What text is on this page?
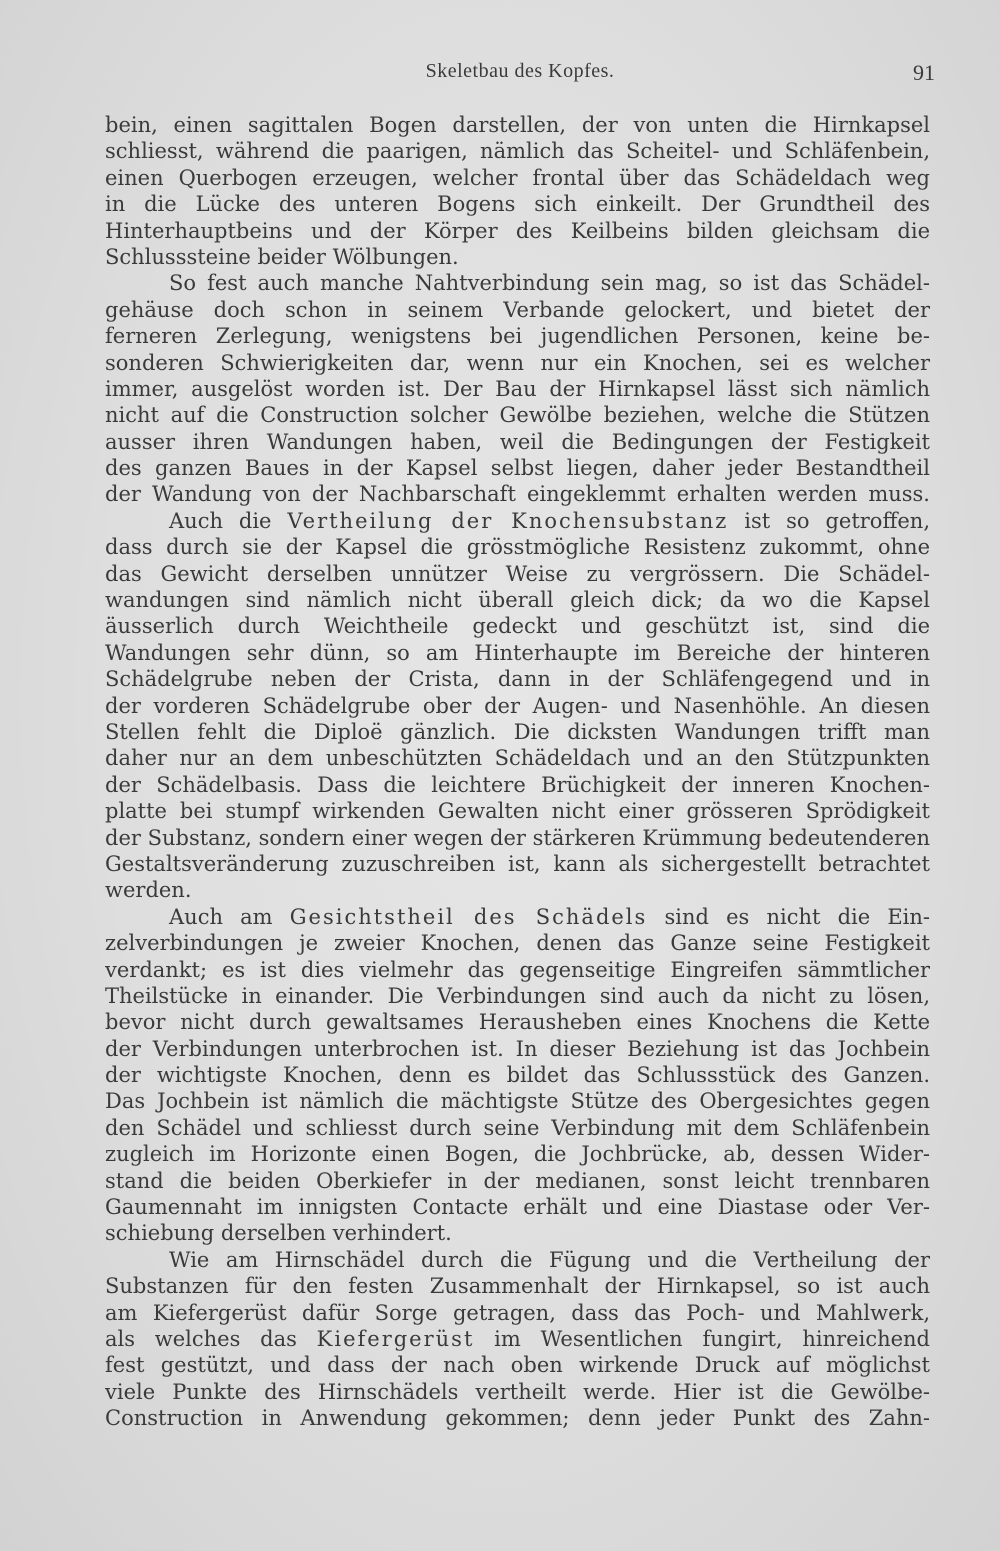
Skeletbau des Kopfes.	91
bein, einen sagittalen Bogen darstellen, der von unten die Hirnkapsel
schliesst, während die paarigen, nämlich das Scheitel- und Schläfenbein,
einen Querbogen erzeugen, welcher frontal über das Schädeldach weg
in die Lücke des unteren Bogens sich einkeilt. Der Grundtheil des
Hinterhauptbeins und der Körper des Keilbeins bilden gleichsam die
Schlusssteine beider Wölbungen.
So fest auch manche Nahtverbindung sein mag, so ist das Schädel-
gehäuse doch schon in seinem Verbande gelockert, und bietet der
ferneren Zerlegung, wenigstens bei jugendlichen Personen, keine be-
sonderen Schwierigkeiten dar, wenn nur ein Knochen, sei es welcher
immer, ausgelöst worden ist. Der Bau der Hirnkapsel lässt sich nämlich
nicht auf die Construction solcher Gewölbe beziehen, welche die Stützen
ausser ihren Wandungen haben, weil die Bedingungen der Festigkeit
des ganzen Baues in der Kapsel selbst liegen, daher jeder Bestandtheil
der Wandung von der Nachbarschaft eingeklemmt erhalten werden muss.
Auch die Vertheilung der Knochensubstanz ist so getroffen,
dass durch sie der Kapsel die grösstmögliche Resistenz zukommt, ohne
das Gewicht derselben unnützer Weise zu vergrössern. Die Schädel-
wandungen sind nämlich nicht überall gleich dick; da wo die Kapsel
äusserlich durch Weichtheile gedeckt und geschützt ist, sind die
Wandungen sehr dünn, so am Hinterhaupte im Bereiche der hinteren
Schädelgrube neben der Crista, dann in der Schläfengegend und in
der vorderen Schädelgrube ober der Augen- und Nasenhöhle. An diesen
Stellen fehlt die Diploë gänzlich. Die dicksten Wandungen trifft man
daher nur an dem unbeschützten Schädeldach und an den Stützpunkten
der Schädelbasis. Dass die leichtere Brüchigkeit der inneren Knochen-
platte bei stumpf wirkenden Gewalten nicht einer grösseren Sprödigkeit
der Substanz, sondern einer wegen der stärkeren Krümmung bedeutenderen
Gestaltsveränderung zuzuschreiben ist, kann als sichergestellt betrachtet
werden.
Auch am Gesichtstheil des Schädels sind es nicht die Ein-
zelverbindungen je zweier Knochen, denen das Ganze seine Festigkeit
verdankt; es ist dies vielmehr das gegenseitige Eingreifen sämmtlicher
Theilstücke in einander. Die Verbindungen sind auch da nicht zu lösen,
bevor nicht durch gewaltsames Herausheben eines Knochens die Kette
der Verbindungen unterbrochen ist. In dieser Beziehung ist das Jochbein
der wichtigste Knochen, denn es bildet das Schlussstück des Ganzen.
Das Jochbein ist nämlich die mächtigste Stütze des Obergesichtes gegen
den Schädel und schliesst durch seine Verbindung mit dem Schläfenbein
zugleich im Horizonte einen Bogen, die Jochbrücke, ab, dessen Wider-
stand die beiden Oberkiefer in der medianen, sonst leicht trennbaren
Gaumennaht im innigsten Contacte erhält und eine Diastase oder Ver-
schiebung derselben verhindert.
Wie am Hirnschädel durch die Fügung und die Vertheilung der
Substanzen für den festen Zusammenhalt der Hirnkapsel, so ist auch
am Kiefergerüst dafür Sorge getragen, dass das Poch- und Mahlwerk,
als welches das Kiefergerüst im Wesentlichen fungirt, hinreichend
fest gestützt, und dass der nach oben wirkende Druck auf möglichst
viele Punkte des Hirnschädels vertheilt werde. Hier ist die Gewölbe-
Construction in Anwendung gekommen; denn jeder Punkt des Zahn-
